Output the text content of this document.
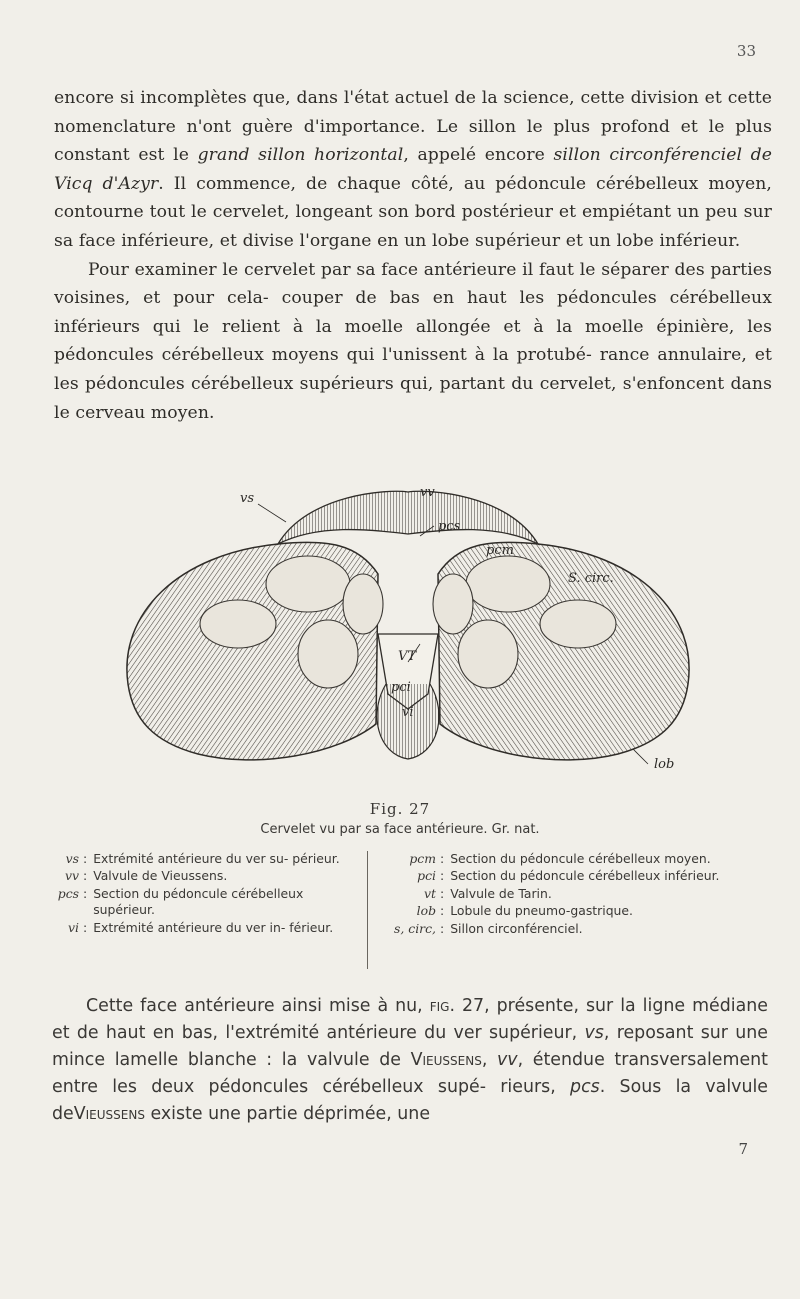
33

encore si incomplètes que, dans l'état actuel de la science, cette division et cette nomenclature n'ont guère d'importance. Le sillon le plus profond et le plus constant est le grand sillon horizontal, appelé encore sillon circonférenciel de Vicq d'Azyr. Il commence, de chaque côté, au pédoncule cérébelleux moyen, contourne tout le cervelet, longeant son bord postérieur et empiétant un peu sur sa face inférieure, et divise l'organe en un lobe supérieur et un lobe inférieur.

Pour examiner le cervelet par sa face antérieure il faut le séparer des parties voisines, et pour cela- couper de bas en haut les pédoncules cérébelleux inférieurs qui le relient à la moelle allongée et à la moelle épinière, les pédoncules cérébelleux moyens qui l'unissent à la protubé- rance annulaire, et les pédoncules cérébelleux supérieurs qui, partant du cervelet, s'enfoncent dans le cerveau moyen.

vs	vv
pcs
pcm
S. circ.
VT
pci
vi
lob
Fig. 27
Cervelet vu par sa face antérieure. Gr. nat.
vs : Extrémité antérieure du ver su- périeur.
vv : Valvule de Vieussens.
pcs : Section du pédoncule cérébelleux supérieur.
vi : Extrémité antérieure du ver in- férieur.
pcm : Section du pédoncule cérébelleux moyen.
pci : Section du pédoncule cérébelleux inférieur.
vt : Valvule de Tarin.
lob : Lobule du pneumo-gastrique.
s, circ, : Sillon circonférenciel.

Cette face antérieure ainsi mise à nu, fig. 27, présente, sur la ligne médiane et de haut en bas, l'extrémité antérieure du ver supérieur, vs, reposant sur une mince lamelle blanche : la valvule de Vieussens, vv, étendue transversalement entre les deux pédoncules cérébelleux supé- rieurs, pcs. Sous la valvule deVieussens existe une partie déprimée, une

7
